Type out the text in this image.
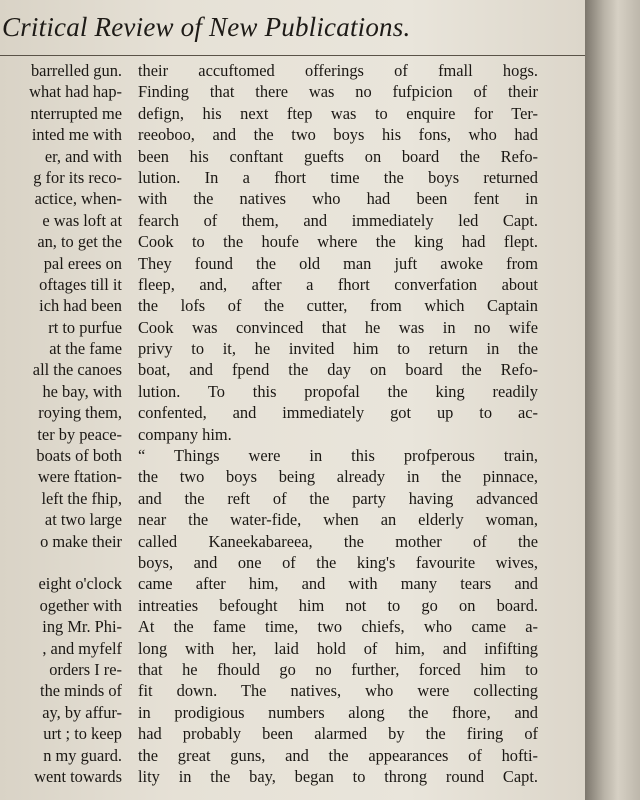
Critical Review of New Publications.
barrelled gun.
what had hap-
nterrupted me
inted me with
er, and with
g for its reco-
actice, when-
e was loft at
an, to get the
pal erees on
oftages till it
ich had been
rt to purfue
at the fame
all the canoes
he bay, with
roying them,
ter by peace-
boats of both
were ftation-
left the fhip,
at two large
o make their
eight o'clock
ogether with
ing Mr. Phi-
, and myfelf
orders I re-
the minds of
ay, by affur-
urt ; to keep
n my guard.
went towards
their accuftomed offerings of fmall hogs.
Finding that there was no fufpicion of their
defign, his next ftep was to enquire for Ter-
reeoboo, and the two boys his fons, who had
been his conftant guefts on board the Refo-
lution. In a fhort time the boys returned
with the natives who had been fent in
fearch of them, and immediately led Capt.
Cook to the houfe where the king had flept.
They found the old man juft awoke from
fleep, and, after a fhort converfation about
the lofs of the cutter, from which Captain
Cook was convinced that he was in no wife
privy to it, he invited him to return in the
boat, and fpend the day on board the Refo-
lution. To this propofal the king readily
confented, and immediately got up to ac-
company him.
“ Things were in this profperous train,
the two boys being already in the pinnace,
and the reft of the party having advanced
near the water-fide, when an elderly woman,
called Kaneekabareea, the mother of the
boys, and one of the king's favourite wives,
came after him, and with many tears and
intreaties befought him not to go on board.
At the fame time, two chiefs, who came a-
long with her, laid hold of him, and infifting
that he fhould go no further, forced him to
fit down. The natives, who were collecting
in prodigious numbers along the fhore, and
had probably been alarmed by the firing of
the great guns, and the appearances of hofti-
lity in the bay, began to throng round Capt.
